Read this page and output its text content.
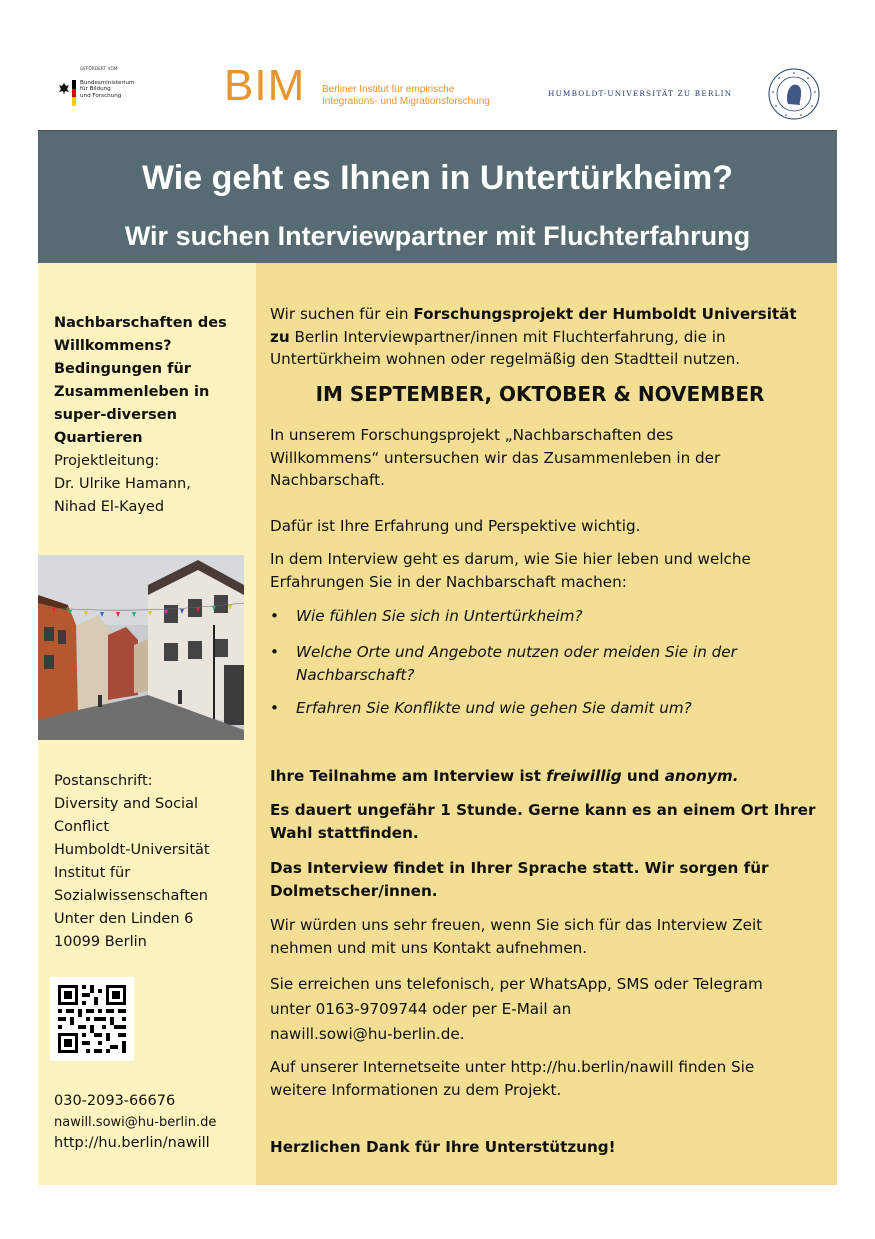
GEFÖRDERT VOM
Bundesministerium
für Bildung
und Forschung BIM Berliner Institut für empirische
Integrations- und Migrationsforschung
HUMBOLDT-UNIVERSITÄT ZU BERLIN
Wie geht es Ihnen in Untertürkheim?
Wir suchen Interviewpartner mit Fluchterfahrung
Nachbarschaften des
Willkommens?
Bedingungen für
Zusammenleben in
super-diversen
Quartieren
Projektleitung:
Dr. Ulrike Hamann,
Nihad El-Kayed
Postanschrift:
Diversity and Social
Conflict
Humboldt-Universität
Institut für
Sozialwissenschaften
Unter den Linden 6
10099 Berlin
030-2093-66676
nawill.sowi@hu-berlin.de
http://hu.berlin/nawill
Wir suchen für ein Forschungsprojekt der Humboldt Universität
zu Berlin Interviewpartner/innen mit Fluchterfahrung, die in
Untertürkheim wohnen oder regelmäßig den Stadtteil nutzen.
IM SEPTEMBER, OKTOBER & NOVEMBER
In unserem Forschungsprojekt „Nachbarschaften des
Willkommens“ untersuchen wir das Zusammenleben in der
Nachbarschaft.
Dafür ist Ihre Erfahrung und Perspektive wichtig.
In dem Interview geht es darum, wie Sie hier leben und welche
Erfahrungen Sie in der Nachbarschaft machen:
• Wie fühlen Sie sich in Untertürkheim?
• Welche Orte und Angebote nutzen oder meiden Sie in der
Nachbarschaft?
• Erfahren Sie Konflikte und wie gehen Sie damit um?
Ihre Teilnahme am Interview ist freiwillig und anonym.
Es dauert ungefähr 1 Stunde. Gerne kann es an einem Ort Ihrer
Wahl stattfinden.
Das Interview findet in Ihrer Sprache statt. Wir sorgen für
Dolmetscher/innen.
Wir würden uns sehr freuen, wenn Sie sich für das Interview Zeit
nehmen und mit uns Kontakt aufnehmen.
Sie erreichen uns telefonisch, per WhatsApp, SMS oder Telegram
unter 0163-9709744 oder per E-Mail an
nawill.sowi@hu-berlin.de.
Auf unserer Internetseite unter http://hu.berlin/nawill finden Sie
weitere Informationen zu dem Projekt.
Herzlichen Dank für Ihre Unterstützung!
